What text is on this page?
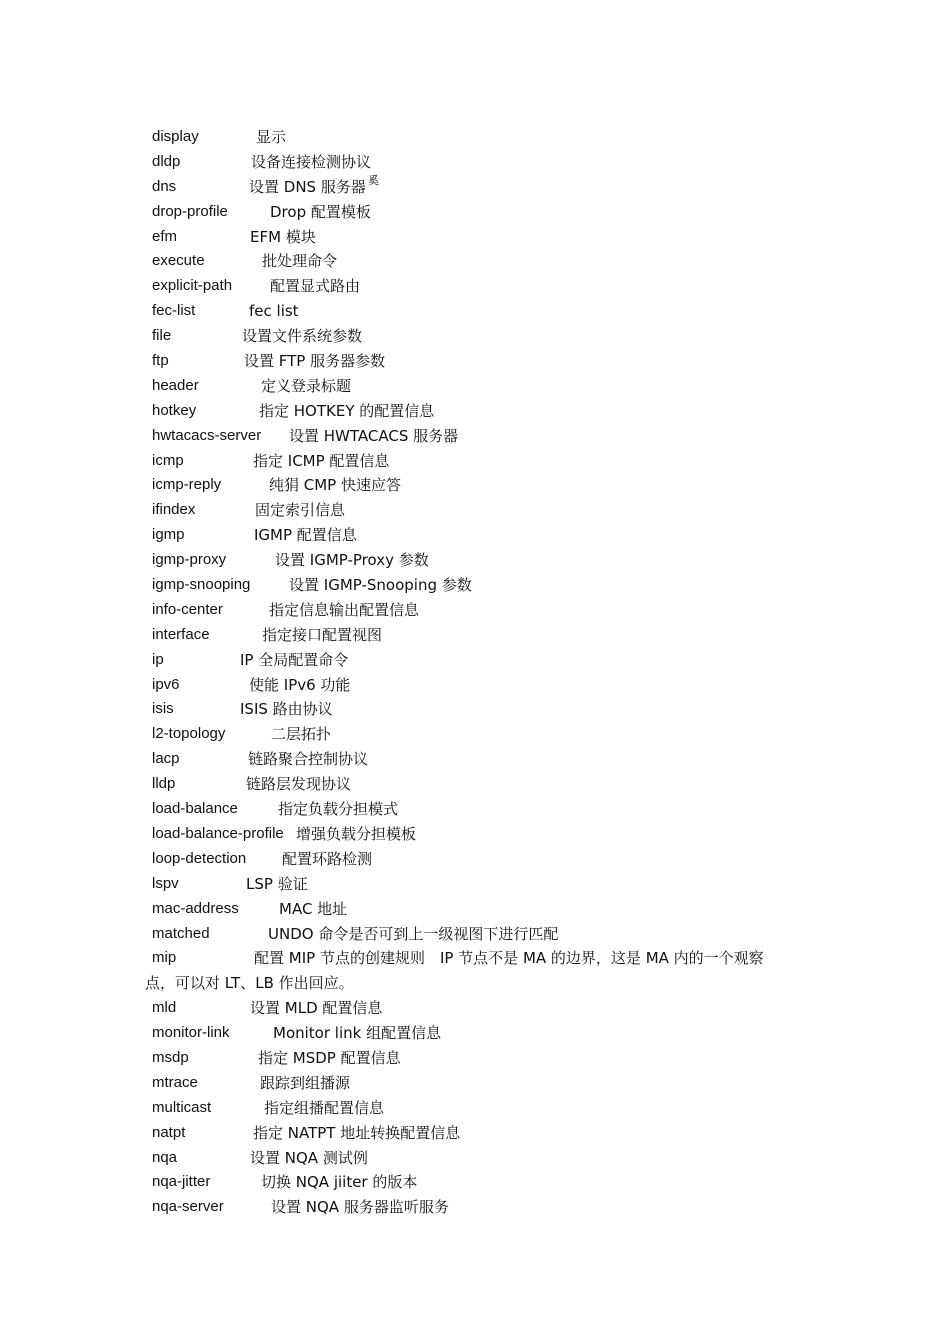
display	显示
dldp	设备连接检测协议
dns	设置 DNS 服务器 奚
drop-profile	Drop 配置模板
efm	EFM 模块
execute	批处理命令
explicit-path	配置显式路由
fec-list	fec list
file	设置文件系统参数
ftp	设置 FTP 服务器参数
header	定义登录标题
hotkey	指定 HOTKEY 的配置信息
hwtacacs-server 设置 HWTACACS 服务器
icmp	指定 ICMP 配置信息
icmp-reply	纯狷 CMP 快速应答
ifindex	固定索引信息
igmp	IGMP 配置信息
igmp-proxy	设置 IGMP-Proxy 参数
igmp-snooping	设置 IGMP-Snooping 参数
info-center	指定信息输出配置信息
interface	指定接口配置视图
ip	IP 全局配置命令
ipv6	使能 IPv6 功能
isis	ISIS 路由协议
l2-topology	二层拓扑
lacp	链路聚合控制协议
lldp	链路层发现协议
load-balance	指定负载分担模式
load-balance-profile 增强负载分担模板
loop-detection 配置环路检测
lspv	LSP 验证
mac-address	MAC 地址
matched	UNDO 命令是否可到上一级视图下进行匹配
mip	配置 MIP 节点的创建规则　IP 节点不是 MA 的边界，这是 MA 内的一个观察
点，可以对 LT、LB 作出回应。
mld	设置 MLD 配置信息
monitor-link	Monitor link 组配置信息
msdp	指定 MSDP 配置信息
mtrace	跟踪到组播源
multicast	指定组播配置信息
natpt	指定 NATPT 地址转换配置信息
nqa	设置 NQA 测试例
nqa-jitter	切换 NQA jiiter 的版本
nqa-server	设置 NQA 服务器监听服务
